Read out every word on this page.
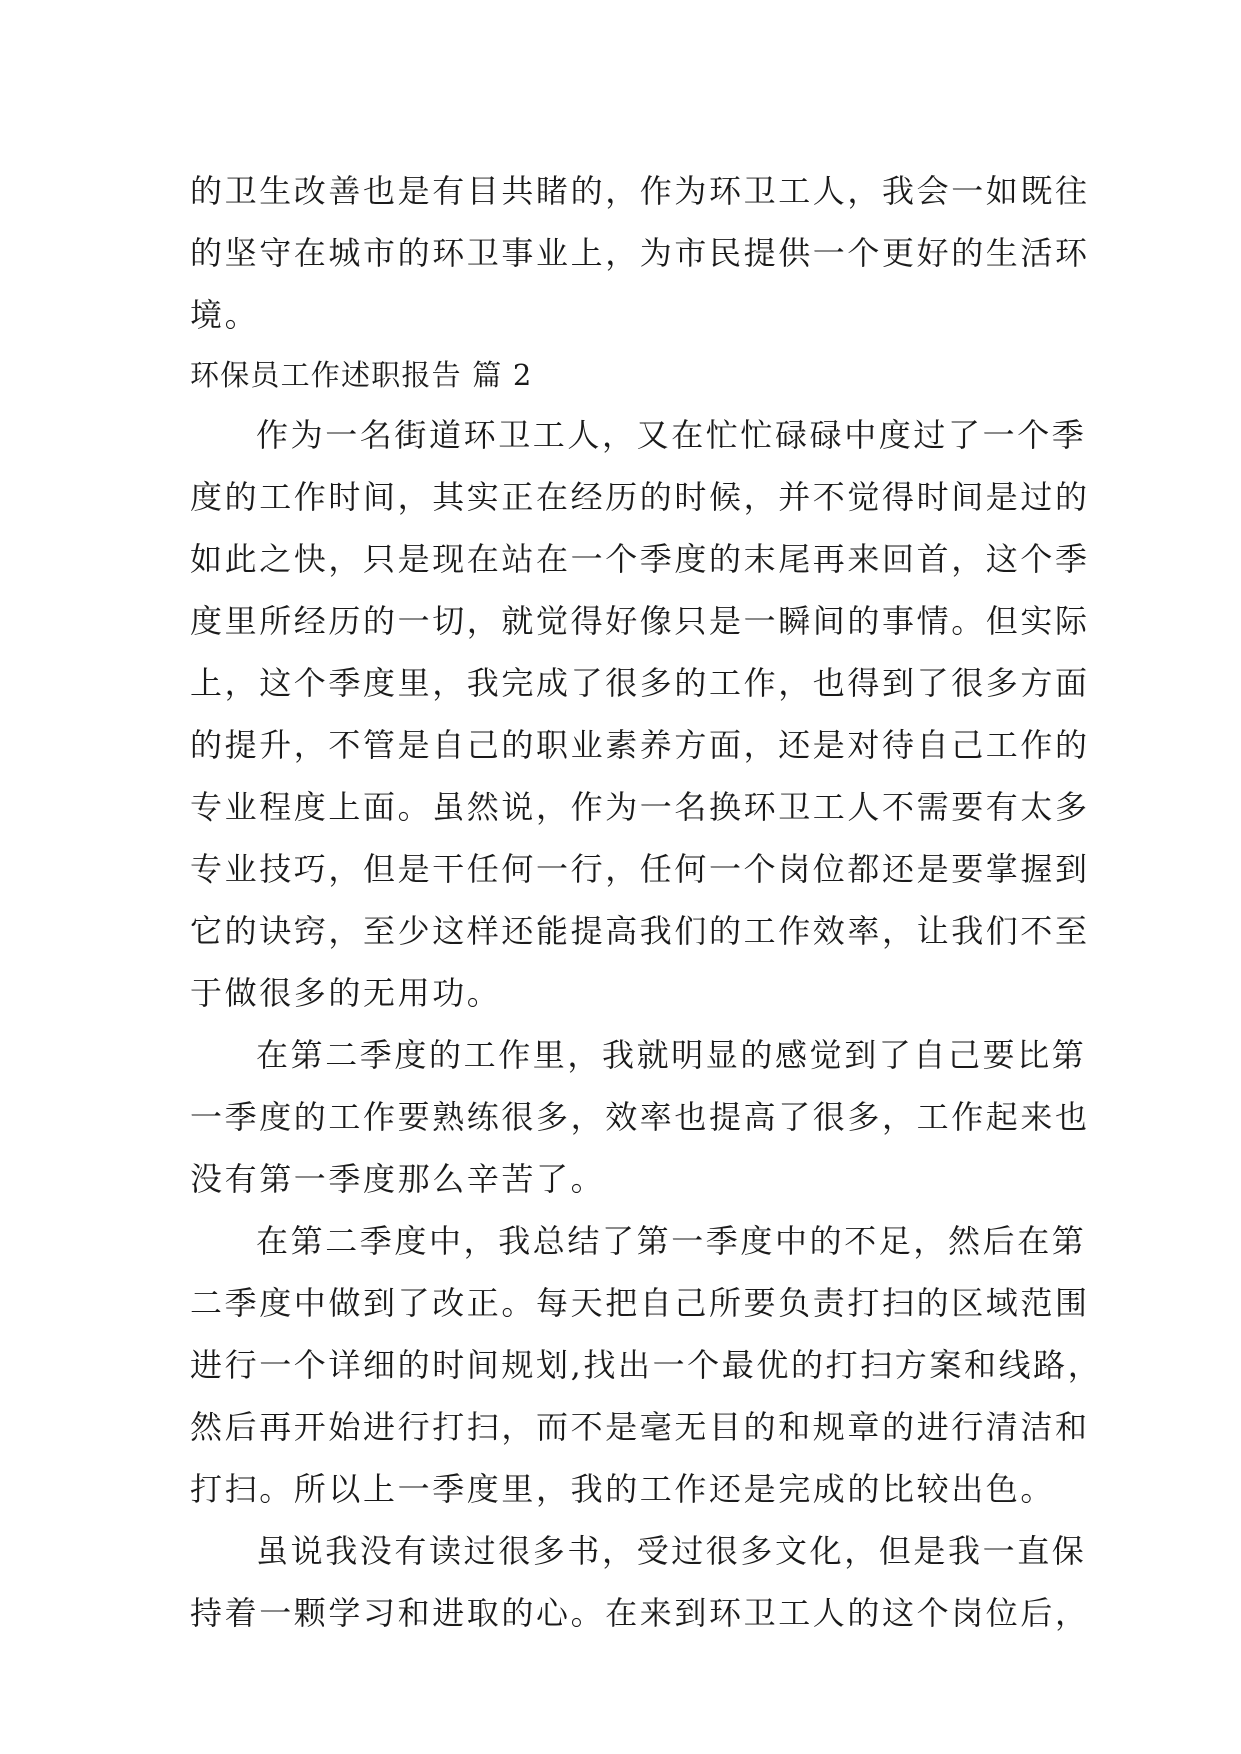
的卫生改善也是有目共睹的，作为环卫工人，我会一如既往
的坚守在城市的环卫事业上，为市民提供一个更好的生活环
境。
环保员工作述职报告 篇 2
作为一名街道环卫工人，又在忙忙碌碌中度过了一个季
度的工作时间，其实正在经历的时候，并不觉得时间是过的
如此之快，只是现在站在一个季度的末尾再来回首，这个季
度里所经历的一切，就觉得好像只是一瞬间的事情。但实际
上，这个季度里，我完成了很多的工作，也得到了很多方面
的提升，不管是自己的职业素养方面，还是对待自己工作的
专业程度上面。虽然说，作为一名换环卫工人不需要有太多
专业技巧，但是干任何一行，任何一个岗位都还是要掌握到
它的诀窍，至少这样还能提高我们的工作效率，让我们不至
于做很多的无用功。
在第二季度的工作里，我就明显的感觉到了自己要比第
一季度的工作要熟练很多，效率也提高了很多，工作起来也
没有第一季度那么辛苦了。
在第二季度中，我总结了第一季度中的不足，然后在第
二季度中做到了改正。每天把自己所要负责打扫的区域范围
进行一个详细的时间规划,找出一个最优的打扫方案和线路，
然后再开始进行打扫，而不是毫无目的和规章的进行清洁和
打扫。所以上一季度里，我的工作还是完成的比较出色。
虽说我没有读过很多书，受过很多文化，但是我一直保
持着一颗学习和进取的心。在来到环卫工人的这个岗位后，
